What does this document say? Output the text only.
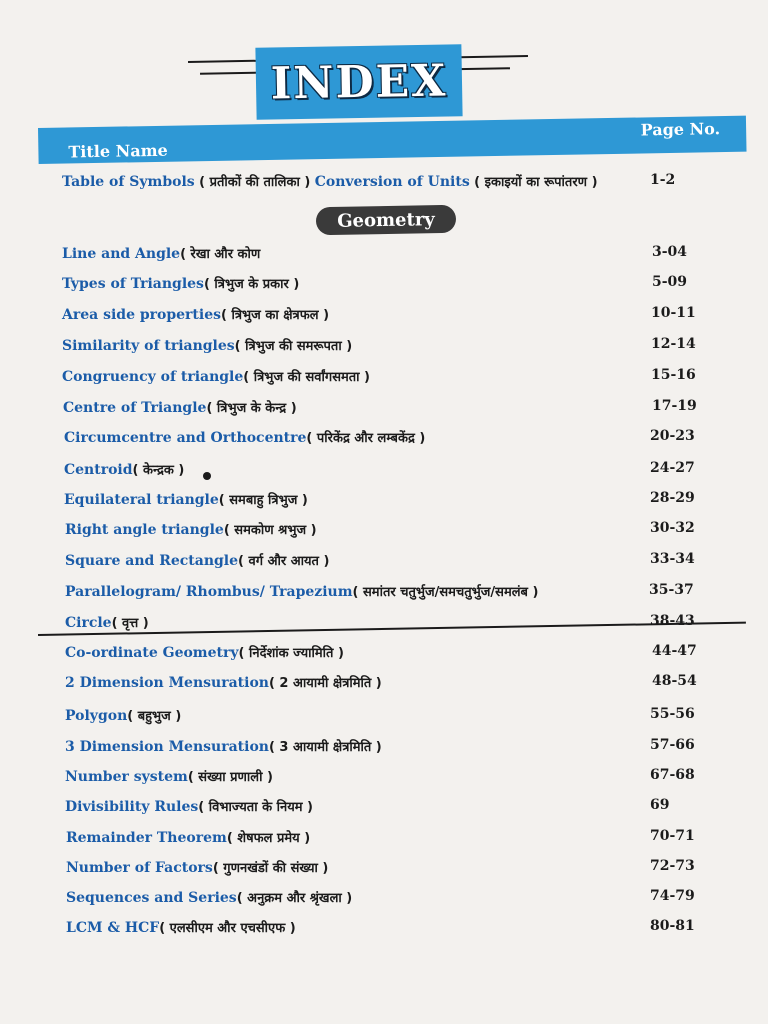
INDEX
Title Name
Page No.
Table of Symbols ( प्रतीकों की तालिका ) Conversion of Units ( इकाइयों का रूपांतरण )	1-2
Geometry
Line and Angle( रेखा और कोण	3-04
Types of Triangles( त्रिभुज के प्रकार )	5-09
Area side properties( त्रिभुज का क्षेत्रफल )	10-11
Similarity of triangles( त्रिभुज की समरूपता )	12-14
Congruency of triangle( त्रिभुज की सर्वांगसमता )	15-16
Centre of Triangle( त्रिभुज के केन्द्र )	17-19
Circumcentre and Orthocentre( परिकेंद्र और लम्बकेंद्र )	20-23
Centroid( केन्द्रक )	24-27
Equilateral triangle( समबाहु त्रिभुज )	28-29
Right angle triangle( समकोण श्रभुज )	30-32
Square and Rectangle( वर्ग और आयत )	33-34
Parallelogram/ Rhombus/ Trapezium( समांतर चतुर्भुज/समचतुर्भुज/समलंब )	35-37
Circle( वृत्त )	38-43
Co-ordinate Geometry( निर्देशांक ज्यामिति )	44-47
2 Dimension Mensuration( 2 आयामी क्षेत्रमिति )	48-54
Polygon( बहुभुज )	55-56
3 Dimension Mensuration( 3 आयामी क्षेत्रमिति )	57-66
Number system( संख्या प्रणाली )	67-68
Divisibility Rules( विभाज्यता के नियम )	69
Remainder Theorem( शेषफल प्रमेय )	70-71
Number of Factors( गुणनखंडों की संख्या )	72-73
Sequences and Series( अनुक्रम और श्रृंखला )	74-79
LCM & HCF( एलसीएम और एचसीएफ )	80-81
